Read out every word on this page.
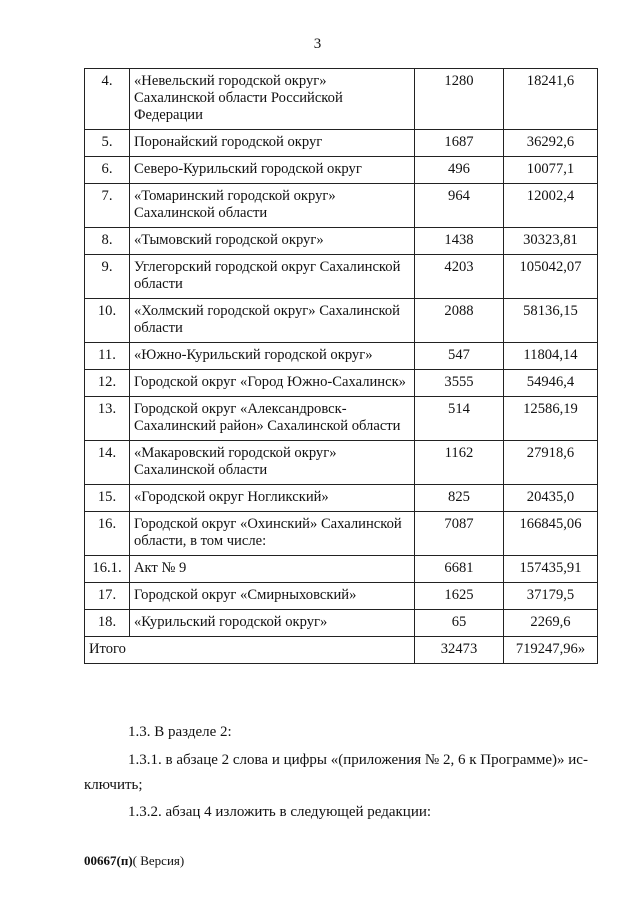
3
4.	«Невельский городской округ» Сахалинской области Российской Федерации	1280	18241,6
5.	Поронайский городской округ	1687	36292,6
6.	Северо-Курильский городской округ	496	10077,1
7.	«Томаринский городской округ» Сахалинской области	964	12002,4
8.	«Тымовский городской округ»	1438	30323,81
9.	Углегорский городской округ Сахалинской области	4203	105042,07
10.	«Холмский городской округ» Сахалинской области	2088	58136,15
11.	«Южно-Курильский городской округ»	547	11804,14
12.	Городской округ «Город Южно-Сахалинск»	3555	54946,4
13.	Городской округ «Александровск-Сахалинский район» Сахалинской области	514	12586,19
14.	«Макаровский городской округ» Сахалинской области	1162	27918,6
15.	«Городской округ Ногликский»	825	20435,0
16.	Городской округ «Охинский» Сахалинской области, в том числе:	7087	166845,06
16.1.	Акт № 9	6681	157435,91
17.	Городской округ «Смирныховский»	1625	37179,5
18.	«Курильский городской округ»	65	2269,6
Итого		32473	719247,96»

1.3. В разделе 2:

1.3.1. в абзаце 2 слова и цифры «(приложения № 2, 6 к Программе)» ис-

ключить;

1.3.2. абзац 4 изложить в следующей редакции:

00667(п)( Версия)
